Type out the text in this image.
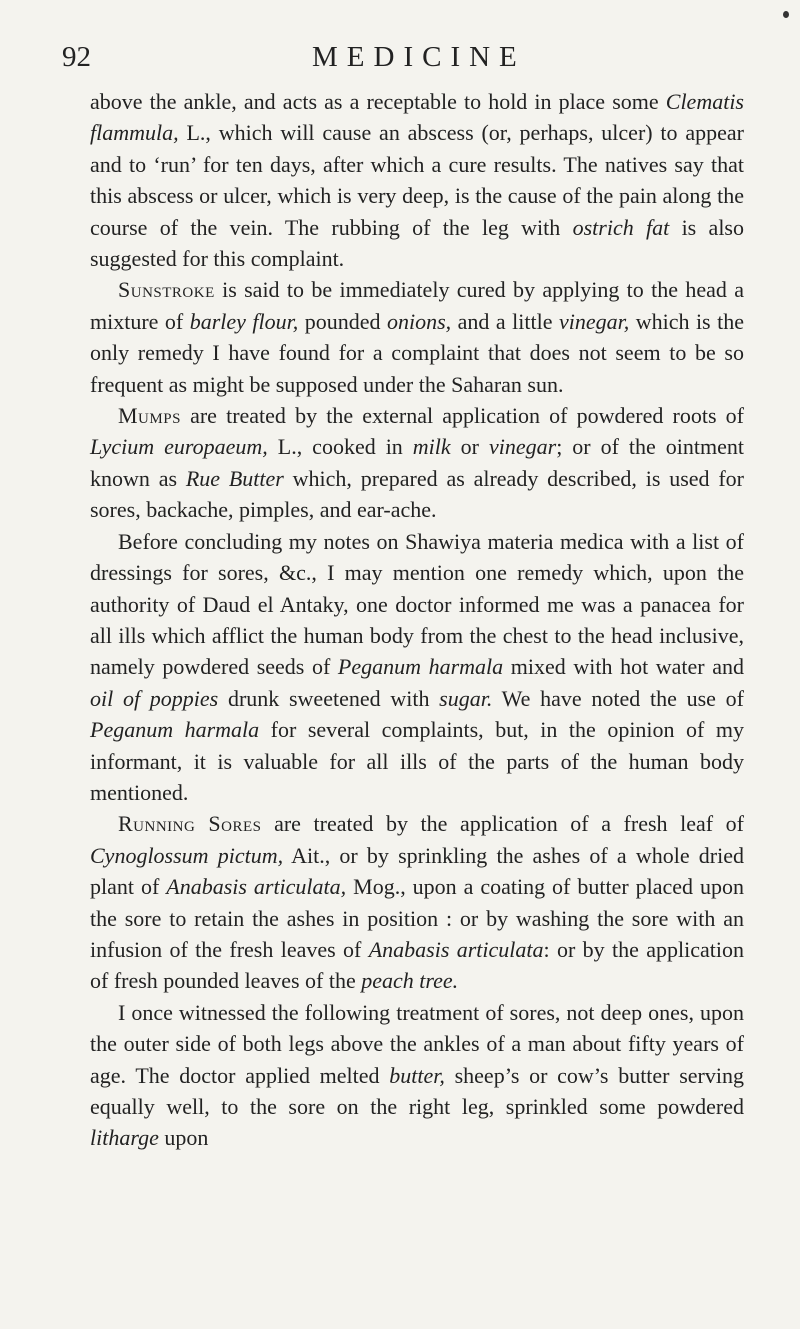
92	MEDICINE

above the ankle, and acts as a receptable to hold in place some Clematis flammula, L., which will cause an abscess (or, perhaps, ulcer) to appear and to ‘run’ for ten days, after which a cure results. The natives say that this abscess or ulcer, which is very deep, is the cause of the pain along the course of the vein. The rubbing of the leg with ostrich fat is also suggested for this complaint.

Sunstroke is said to be immediately cured by applying to the head a mixture of barley flour, pounded onions, and a little vinegar, which is the only remedy I have found for a complaint that does not seem to be so frequent as might be supposed under the Saharan sun.

Mumps are treated by the external application of powdered roots of Lycium europaeum, L., cooked in milk or vinegar; or of the ointment known as Rue Butter which, prepared as already described, is used for sores, backache, pimples, and ear-ache.

Before concluding my notes on Shawiya materia medica with a list of dressings for sores, &c., I may mention one remedy which, upon the authority of Daud el Antaky, one doctor informed me was a panacea for all ills which afflict the human body from the chest to the head inclusive, namely powdered seeds of Peganum harmala mixed with hot water and oil of poppies drunk sweetened with sugar. We have noted the use of Peganum harmala for several complaints, but, in the opinion of my informant, it is valuable for all ills of the parts of the human body mentioned.

Running Sores are treated by the application of a fresh leaf of Cynoglossum pictum, Ait., or by sprinkling the ashes of a whole dried plant of Anabasis articulata, Mog., upon a coating of butter placed upon the sore to retain the ashes in position : or by washing the sore with an infusion of the fresh leaves of Anabasis articulata: or by the application of fresh pounded leaves of the peach tree.

I once witnessed the following treatment of sores, not deep ones, upon the outer side of both legs above the ankles of a man about fifty years of age. The doctor applied melted butter, sheep’s or cow’s butter serving equally well, to the sore on the right leg, sprinkled some powdered litharge upon
